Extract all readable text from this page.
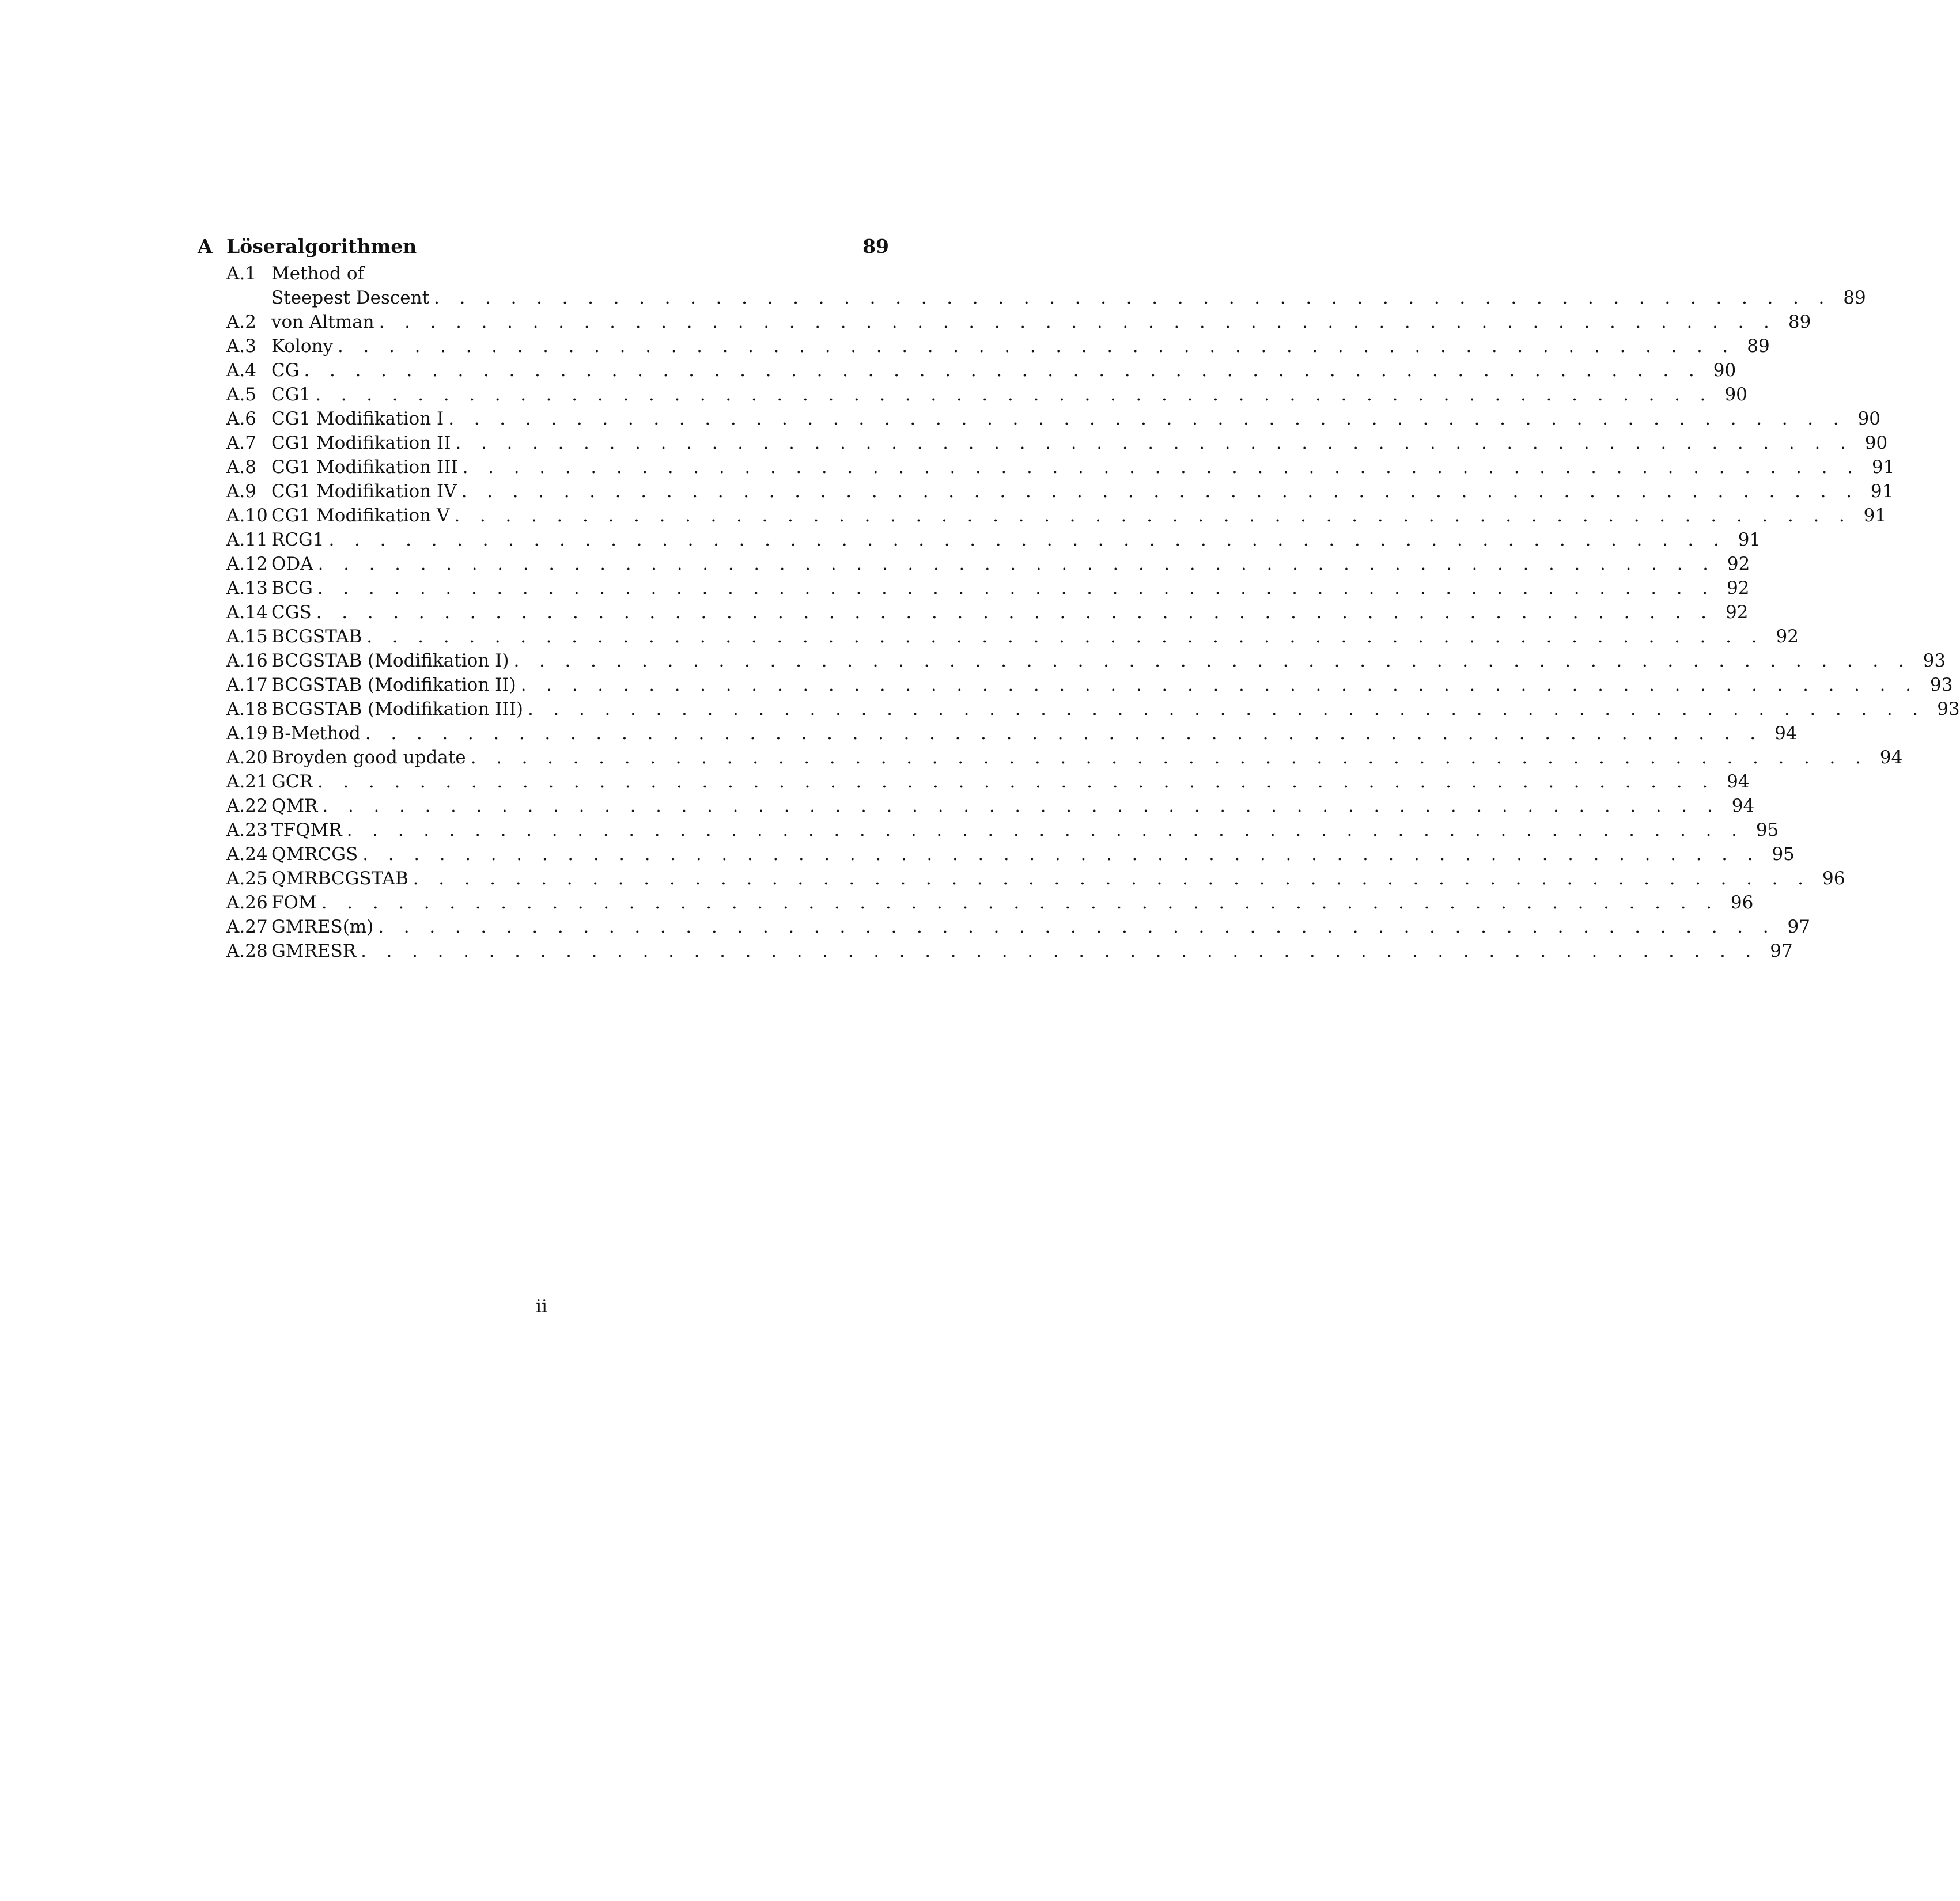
A Löseralgorithmen	89
A.1 Method of
Steepest Descent . . . . . . . . . . . . . . . . . . . . . . . . . . . . . . . . . . . . . . . . . . . . . . . . . . . . . . . 89
A.2 von Altman . . . . . . . . . . . . . . . . . . . . . . . . . . . . . . . . . . . . . . . . . . . . . . . . . . . . . . . 89
A.3 Kolony . . . . . . . . . . . . . . . . . . . . . . . . . . . . . . . . . . . . . . . . . . . . . . . . . . . . . . . 89
A.4 CG . . . . . . . . . . . . . . . . . . . . . . . . . . . . . . . . . . . . . . . . . . . . . . . . . . . . . . . 90
A.5 CG1 . . . . . . . . . . . . . . . . . . . . . . . . . . . . . . . . . . . . . . . . . . . . . . . . . . . . . . . 90
A.6 CG1 Modifikation I . . . . . . . . . . . . . . . . . . . . . . . . . . . . . . . . . . . . . . . . . . . . . . . . . . . . . . . 90
A.7 CG1 Modifikation II . . . . . . . . . . . . . . . . . . . . . . . . . . . . . . . . . . . . . . . . . . . . . . . . . . . . . . . 90
A.8 CG1 Modifikation III . . . . . . . . . . . . . . . . . . . . . . . . . . . . . . . . . . . . . . . . . . . . . . . . . . . . . . . 91
A.9 CG1 Modifikation IV . . . . . . . . . . . . . . . . . . . . . . . . . . . . . . . . . . . . . . . . . . . . . . . . . . . . . . . 91
A.10 CG1 Modifikation V . . . . . . . . . . . . . . . . . . . . . . . . . . . . . . . . . . . . . . . . . . . . . . . . . . . . . . . 91
A.11 RCG1 . . . . . . . . . . . . . . . . . . . . . . . . . . . . . . . . . . . . . . . . . . . . . . . . . . . . . . . 91
A.12 ODA . . . . . . . . . . . . . . . . . . . . . . . . . . . . . . . . . . . . . . . . . . . . . . . . . . . . . . . 92
A.13 BCG . . . . . . . . . . . . . . . . . . . . . . . . . . . . . . . . . . . . . . . . . . . . . . . . . . . . . . . 92
A.14 CGS . . . . . . . . . . . . . . . . . . . . . . . . . . . . . . . . . . . . . . . . . . . . . . . . . . . . . . . 92
A.15 BCGSTAB . . . . . . . . . . . . . . . . . . . . . . . . . . . . . . . . . . . . . . . . . . . . . . . . . . . . . . . 92
A.16 BCGSTAB (Modifikation I) . . . . . . . . . . . . . . . . . . . . . . . . . . . . . . . . . . . . . . . . . . . . . . . . . . . . . . . 93
A.17 BCGSTAB (Modifikation II) . . . . . . . . . . . . . . . . . . . . . . . . . . . . . . . . . . . . . . . . . . . . . . . . . . . . . . . 93
A.18 BCGSTAB (Modifikation III) . . . . . . . . . . . . . . . . . . . . . . . . . . . . . . . . . . . . . . . . . . . . . . . . . . . . . . . 93
A.19 B-Method . . . . . . . . . . . . . . . . . . . . . . . . . . . . . . . . . . . . . . . . . . . . . . . . . . . . . . . 94
A.20 Broyden good update . . . . . . . . . . . . . . . . . . . . . . . . . . . . . . . . . . . . . . . . . . . . . . . . . . . . . . . 94
A.21 GCR . . . . . . . . . . . . . . . . . . . . . . . . . . . . . . . . . . . . . . . . . . . . . . . . . . . . . . . 94
A.22 QMR . . . . . . . . . . . . . . . . . . . . . . . . . . . . . . . . . . . . . . . . . . . . . . . . . . . . . . . 94
A.23 TFQMR . . . . . . . . . . . . . . . . . . . . . . . . . . . . . . . . . . . . . . . . . . . . . . . . . . . . . . . 95
A.24 QMRCGS . . . . . . . . . . . . . . . . . . . . . . . . . . . . . . . . . . . . . . . . . . . . . . . . . . . . . . . 95
A.25 QMRBCGSTAB . . . . . . . . . . . . . . . . . . . . . . . . . . . . . . . . . . . . . . . . . . . . . . . . . . . . . . . 96
A.26 FOM . . . . . . . . . . . . . . . . . . . . . . . . . . . . . . . . . . . . . . . . . . . . . . . . . . . . . . . 96
A.27 GMRES(m) . . . . . . . . . . . . . . . . . . . . . . . . . . . . . . . . . . . . . . . . . . . . . . . . . . . . . . . 97
A.28 GMRESR . . . . . . . . . . . . . . . . . . . . . . . . . . . . . . . . . . . . . . . . . . . . . . . . . . . . . . . 97
ii
